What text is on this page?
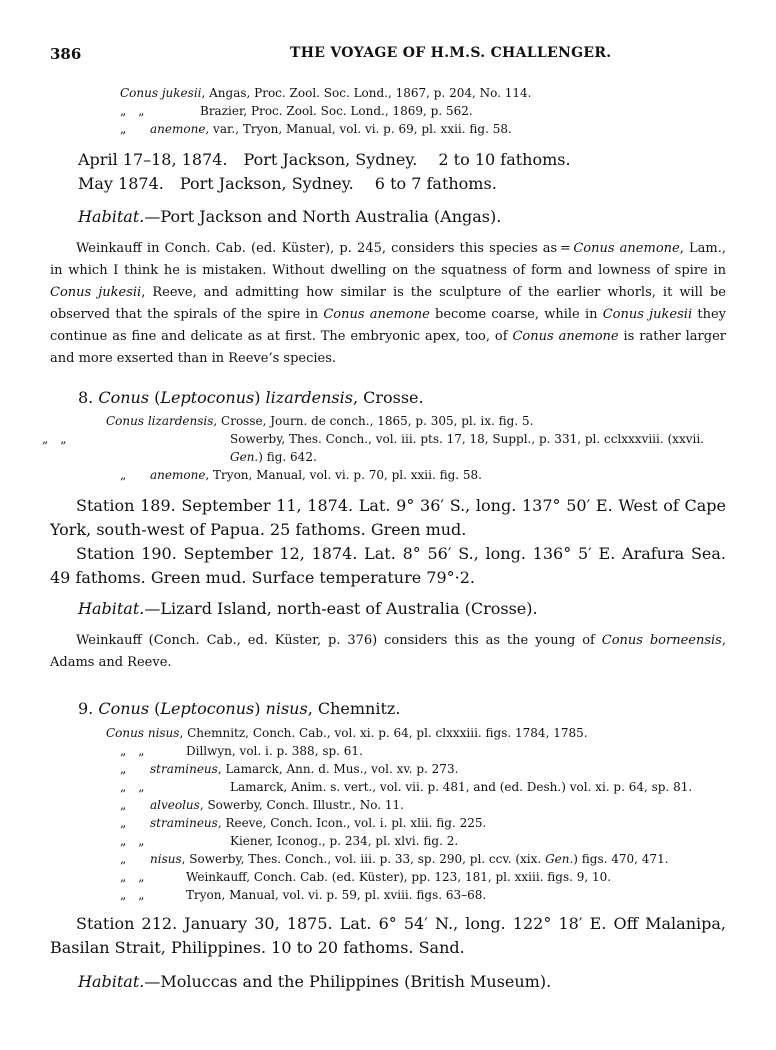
386	THE VOYAGE OF H.M.S. CHALLENGER.
Conus jukesii, Angas, Proc. Zool. Soc. Lond., 1867, p. 204, No. 114.
„ „	Brazier, Proc. Zool. Soc. Lond., 1869, p. 562.
„ anemone, var., Tryon, Manual, vol. vi. p. 69, pl. xxii. fig. 58.

April 17–18, 1874. Port Jackson, Sydney.  2 to 10 fathoms.

May 1874. Port Jackson, Sydney.  6 to 7 fathoms.

Habitat.—Port Jackson and North Australia (Angas).
Weinkauff in Conch. Cab. (ed. Küster), p. 245, considers this species as = Conus anemone, Lam., in which I think he is mistaken. Without dwelling on the squatness of form and lowness of spire in Conus jukesii, Reeve, and admitting how similar is the sculpture of the earlier whorls, it will be observed that the spirals of the spire in Conus anemone become coarse, while in Conus jukesii they continue as fine and delicate as at first. The embryonic apex, too, of Conus anemone is rather larger and more exserted than in Reeve’s species.
8. Conus (Leptoconus) lizardensis, Crosse.
Conus lizardensis, Crosse, Journ. de conch., 1865, p. 305, pl. ix. fig. 5.
„ „	Sowerby, Thes. Conch., vol. iii. pts. 17, 18, Suppl., p. 331, pl. cclxxxviii. (xxvii. Gen.) fig. 642.
„ anemone, Tryon, Manual, vol. vi. p. 70, pl. xxii. fig. 58.

Station 189. September 11, 1874. Lat. 9° 36′ S., long. 137° 50′ E. West of Cape York, south-west of Papua. 25 fathoms. Green mud.

Station 190. September 12, 1874. Lat. 8° 56′ S., long. 136° 5′ E. Arafura Sea. 49 fathoms. Green mud. Surface temperature 79°·2.

Habitat.—Lizard Island, north-east of Australia (Crosse).
Weinkauff (Conch. Cab., ed. Küster, p. 376) considers this as the young of Conus borneensis, Adams and Reeve.
9. Conus (Leptoconus) nisus, Chemnitz.
Conus nisus, Chemnitz, Conch. Cab., vol. xi. p. 64, pl. clxxxiii. figs. 1784, 1785.
„ „	Dillwyn, vol. i. p. 388, sp. 61.
„ stramineus, Lamarck, Ann. d. Mus., vol. xv. p. 273.
„ „	Lamarck, Anim. s. vert., vol. vii. p. 481, and (ed. Desh.) vol. xi. p. 64, sp. 81.
„ alveolus, Sowerby, Conch. Illustr., No. 11.
„ stramineus, Reeve, Conch. Icon., vol. i. pl. xlii. fig. 225.
„ „	Kiener, Iconog., p. 234, pl. xlvi. fig. 2.
„ nisus, Sowerby, Thes. Conch., vol. iii. p. 33, sp. 290, pl. ccv. (xix. Gen.) figs. 470, 471.
„ „	Weinkauff, Conch. Cab. (ed. Küster), pp. 123, 181, pl. xxiii. figs. 9, 10.
„ „	Tryon, Manual, vol. vi. p. 59, pl. xviii. figs. 63–68.

Station 212. January 30, 1875. Lat. 6° 54′ N., long. 122° 18′ E. Off Malanipa, Basilan Strait, Philippines. 10 to 20 fathoms. Sand.

Habitat.—Moluccas and the Philippines (British Museum).
